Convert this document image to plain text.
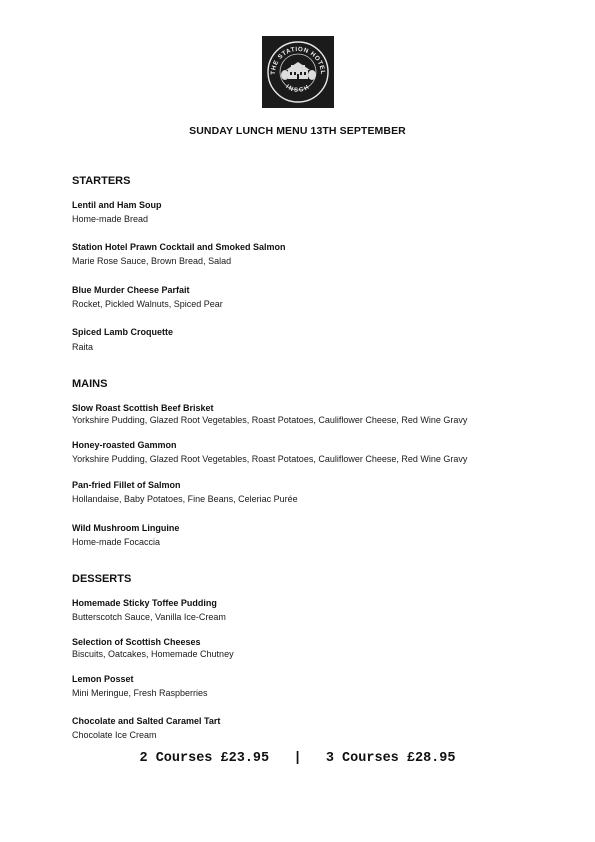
THE STATION HOTEL
INSCH
SUNDAY LUNCH MENU 13TH SEPTEMBER
STARTERS
Lentil and Ham Soup
Home-made Bread
Station Hotel Prawn Cocktail and Smoked Salmon
Marie Rose Sauce, Brown Bread, Salad
Blue Murder Cheese Parfait
Rocket, Pickled Walnuts, Spiced Pear
Spiced Lamb Croquette
Raita
MAINS
Slow Roast Scottish Beef Brisket
Yorkshire Pudding, Glazed Root Vegetables, Roast Potatoes, Cauliflower Cheese, Red Wine Gravy
Honey-roasted Gammon
Yorkshire Pudding, Glazed Root Vegetables, Roast Potatoes, Cauliflower Cheese, Red Wine Gravy
Pan-fried Fillet of Salmon
Hollandaise, Baby Potatoes, Fine Beans, Celeriac Purée
Wild Mushroom Linguine
Home-made Focaccia
DESSERTS
Homemade Sticky Toffee Pudding
Butterscotch Sauce, Vanilla Ice-Cream
Selection of Scottish Cheeses
Biscuits, Oatcakes, Homemade Chutney
Lemon Posset
Mini Meringue, Fresh Raspberries
Chocolate and Salted Caramel Tart
Chocolate Ice Cream
2 Courses £23.95 | 3 Courses £28.95
